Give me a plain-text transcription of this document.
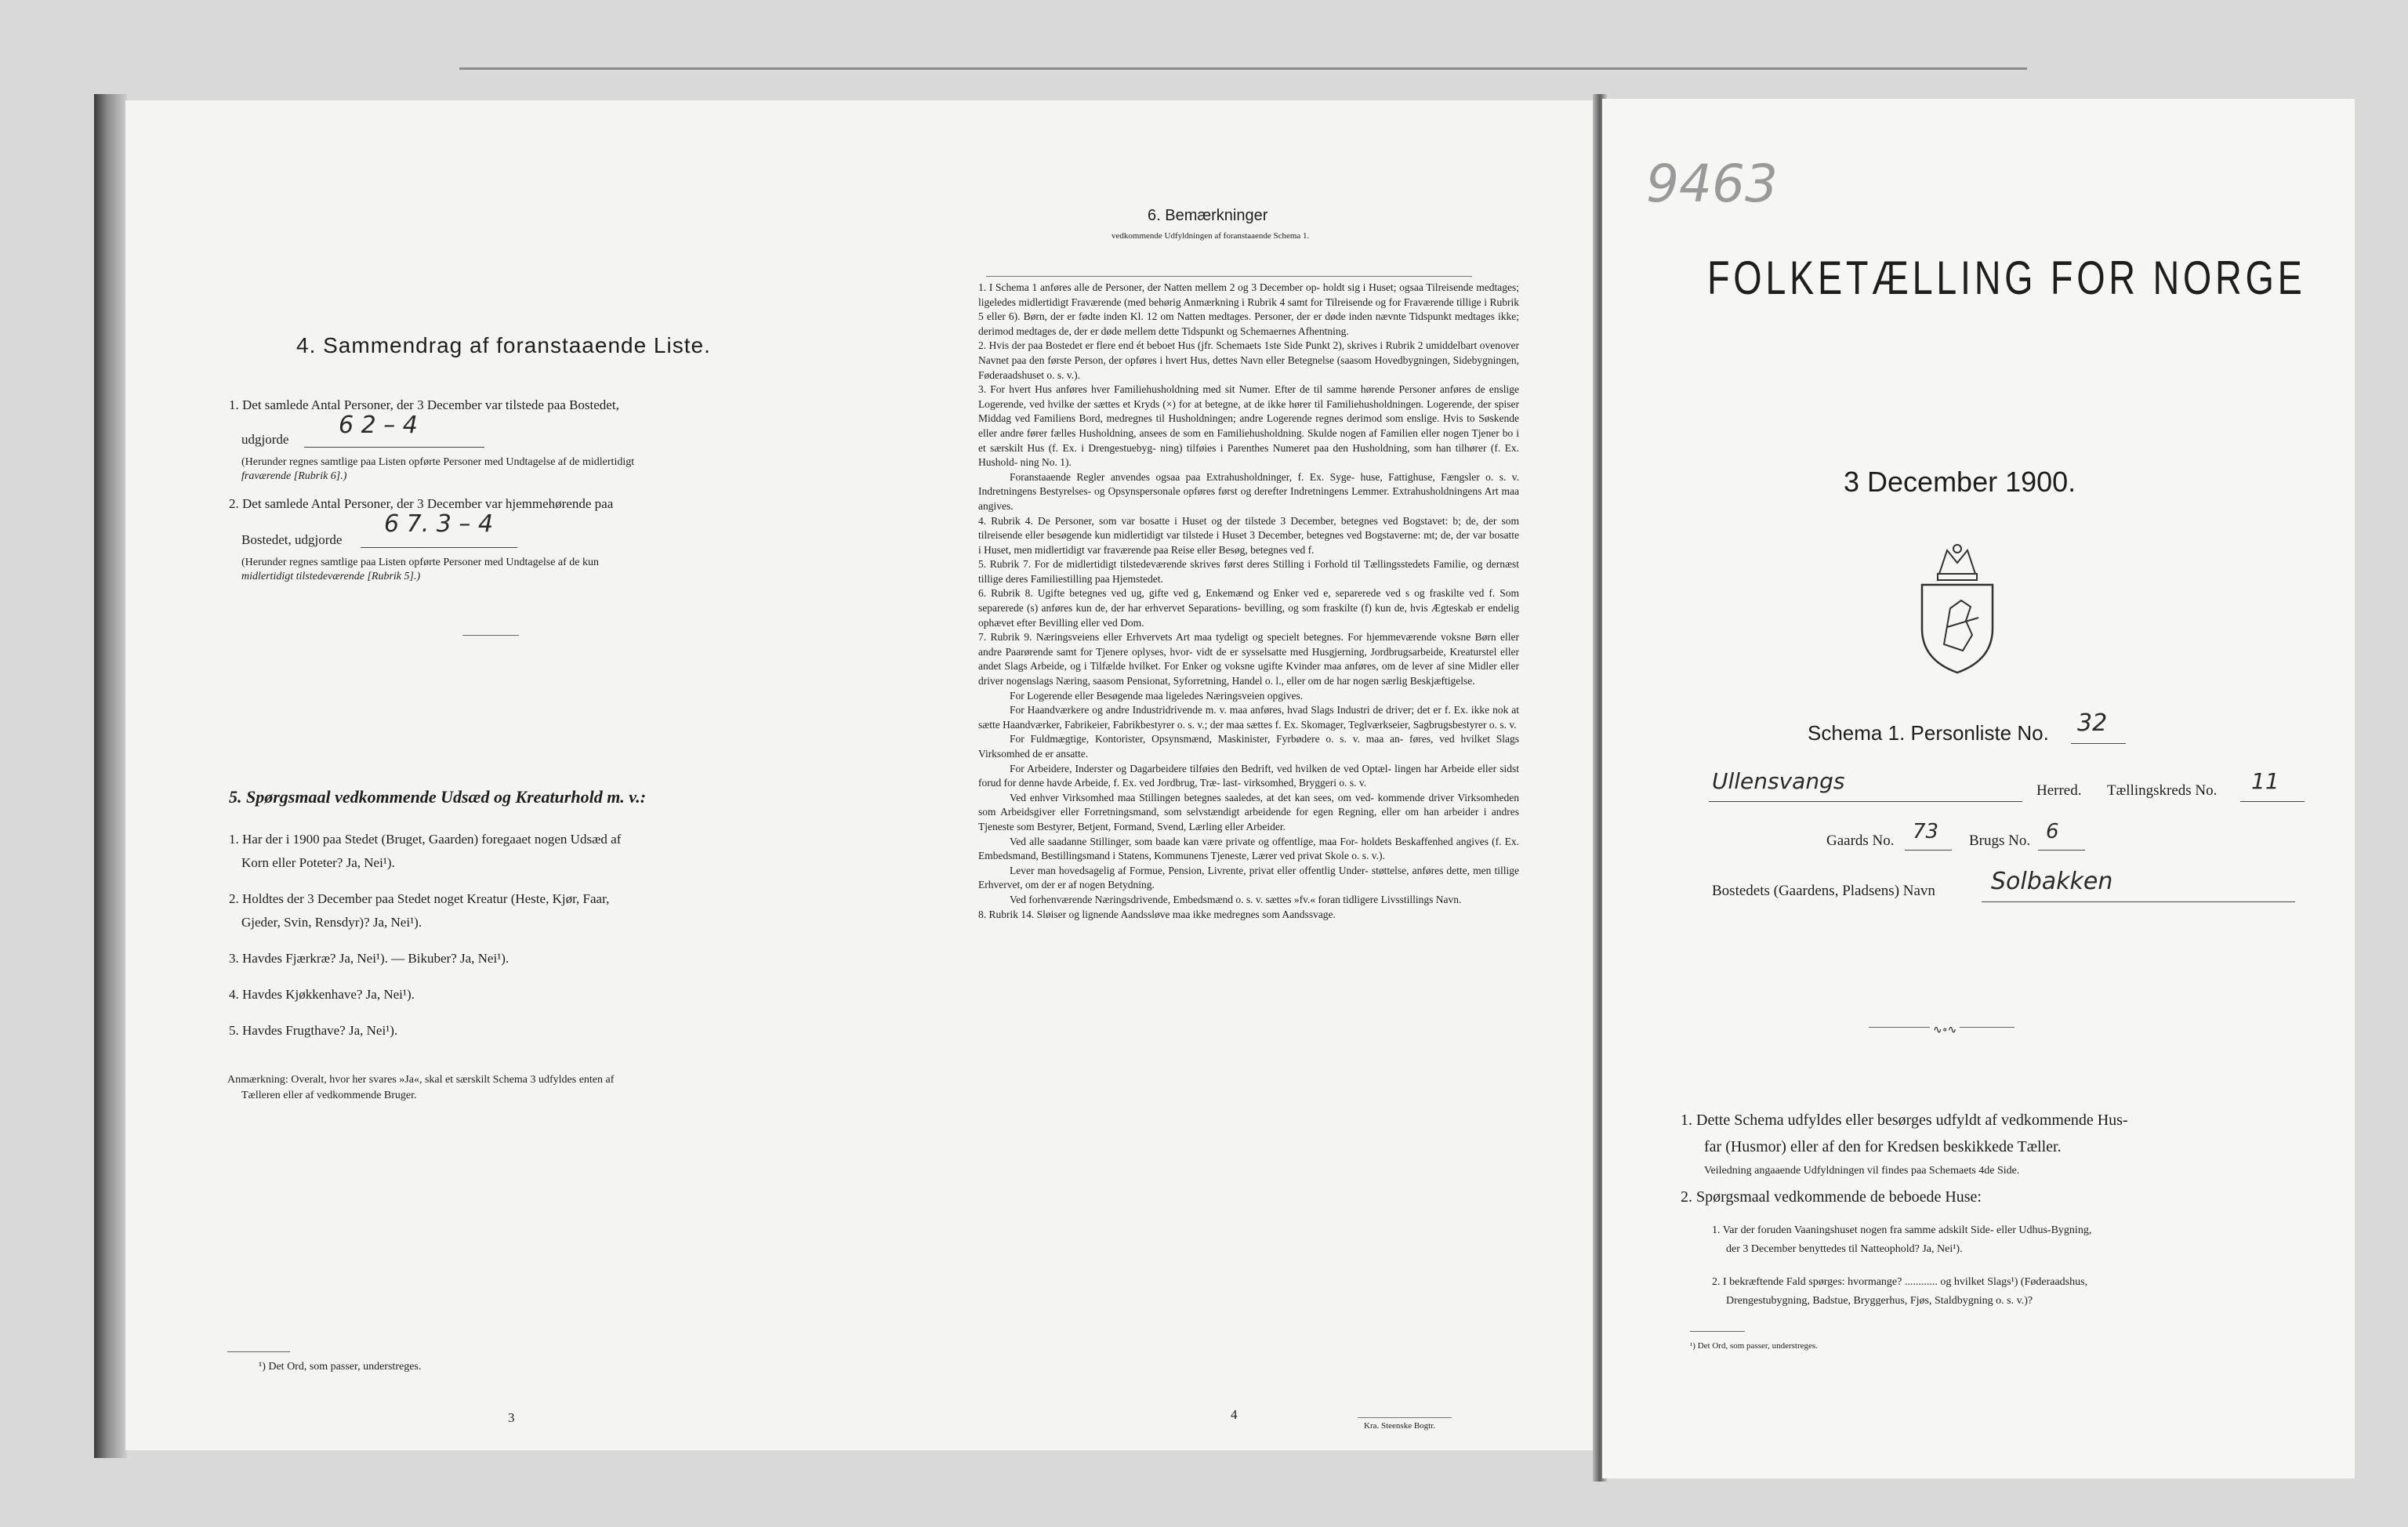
4. Sammendrag af foranstaaende Liste.
1. Det samlede Antal Personer, der 3 December var tilstede paa Bostedet,
udgjorde
6 2 – 4
(Herunder regnes samtlige paa Listen opførte Personer med Undtagelse af de midlertidigt
fraværende [Rubrik 6].)
2. Det samlede Antal Personer, der 3 December var hjemmehørende paa
Bostedet, udgjorde
6 7. 3 – 4
(Herunder regnes samtlige paa Listen opførte Personer med Undtagelse af de kun
midlertidigt tilstedeværende [Rubrik 5].)
5. Spørgsmaal vedkommende Udsæd og Kreaturhold m. v.:
1. Har der i 1900 paa Stedet (Bruget, Gaarden) foregaaet nogen Udsæd af
Korn eller Poteter? Ja, Nei¹).
2. Holdtes der 3 December paa Stedet noget Kreatur (Heste, Kjør, Faar,
Gjeder, Svin, Rensdyr)? Ja, Nei¹).
3. Havdes Fjærkræ? Ja, Nei¹). — Bikuber? Ja, Nei¹).
4. Havdes Kjøkkenhave? Ja, Nei¹).
5. Havdes Frugthave? Ja, Nei¹).
Anmærkning: Overalt, hvor her svares »Ja«, skal et særskilt Schema 3 udfyldes enten af
Tælleren eller af vedkommende Bruger.
¹) Det Ord, som passer, understreges.
3
6. Bemærkninger
vedkommende Udfyldningen af foranstaaende Schema 1.
1. I Schema 1 anføres alle de Personer, der Natten mellem 2 og 3 December op- holdt sig i Huset; ogsaa Tilreisende medtages; ligeledes midlertidigt Fraværende (med behørig Anmærkning i Rubrik 4 samt for Tilreisende og for Fraværende tillige i Rubrik 5 eller 6). Børn, der er fødte inden Kl. 12 om Natten medtages. Personer, der er døde inden nævnte Tidspunkt medtages ikke; derimod medtages de, der er døde mellem dette Tidspunkt og Schemaernes Afhentning.
2. Hvis der paa Bostedet er flere end ét beboet Hus (jfr. Schemaets 1ste Side Punkt 2), skrives i Rubrik 2 umiddelbart ovenover Navnet paa den første Person, der opføres i hvert Hus, dettes Navn eller Betegnelse (saasom Hovedbygningen, Sidebygningen, Føderaadshuset o. s. v.).
3. For hvert Hus anføres hver Familiehusholdning med sit Numer. Efter de til samme hørende Personer anføres de enslige Logerende, ved hvilke der sættes et Kryds (×) for at betegne, at de ikke hører til Familiehusholdningen. Logerende, der spiser Middag ved Familiens Bord, medregnes til Husholdningen; andre Logerende regnes derimod som enslige. Hvis to Søskende eller andre fører fælles Husholdning, ansees de som en Familiehusholdning. Skulde nogen af Familien eller nogen Tjener bo i et særskilt Hus (f. Ex. i Drengestuebyg- ning) tilføies i Parenthes Numeret paa den Husholdning, som han tilhører (f. Ex. Hushold- ning No. 1).
Foranstaaende Regler anvendes ogsaa paa Extrahusholdninger, f. Ex. Syge- huse, Fattighuse, Fængsler o. s. v. Indretningens Bestyrelses- og Opsynspersonale opføres først og derefter Indretningens Lemmer. Extrahusholdningens Art maa angives.
4. Rubrik 4. De Personer, som var bosatte i Huset og der tilstede 3 December, betegnes ved Bogstavet: b; de, der som tilreisende eller besøgende kun midlertidigt var tilstede i Huset 3 December, betegnes ved Bogstaverne: mt; de, der var bosatte i Huset, men midlertidigt var fraværende paa Reise eller Besøg, betegnes ved f.
5. Rubrik 7. For de midlertidigt tilstedeværende skrives først deres Stilling i Forhold til Tællingsstedets Familie, og dernæst tillige deres Familiestilling paa Hjemstedet.
6. Rubrik 8. Ugifte betegnes ved ug, gifte ved g, Enkemænd og Enker ved e, separerede ved s og fraskilte ved f. Som separerede (s) anføres kun de, der har erhvervet Separations- bevilling, og som fraskilte (f) kun de, hvis Ægteskab er endelig ophævet efter Bevilling eller ved Dom.
7. Rubrik 9. Næringsveiens eller Erhvervets Art maa tydeligt og specielt betegnes. For hjemmeværende voksne Børn eller andre Paarørende samt for Tjenere oplyses, hvor- vidt de er sysselsatte med Husgjerning, Jordbrugsarbeide, Kreaturstel eller andet Slags Arbeide, og i Tilfælde hvilket. For Enker og voksne ugifte Kvinder maa anføres, om de lever af sine Midler eller driver nogenslags Næring, saasom Pensionat, Syforretning, Handel o. l., eller om de har nogen særlig Beskjæftigelse.
For Logerende eller Besøgende maa ligeledes Næringsveien opgives.
For Haandværkere og andre Industridrivende m. v. maa anføres, hvad Slags Industri de driver; det er f. Ex. ikke nok at sætte Haandværker, Fabrikeier, Fabrikbestyrer o. s. v.; der maa sættes f. Ex. Skomager, Teglværkseier, Sagbrugsbestyrer o. s. v.
For Fuldmægtige, Kontorister, Opsynsmænd, Maskinister, Fyrbødere o. s. v. maa an- føres, ved hvilket Slags Virksomhed de er ansatte.
For Arbeidere, Inderster og Dagarbeidere tilføies den Bedrift, ved hvilken de ved Optæl- lingen har Arbeide eller sidst forud for denne havde Arbeide, f. Ex. ved Jordbrug, Træ- last- virksomhed, Bryggeri o. s. v.
Ved enhver Virksomhed maa Stillingen betegnes saaledes, at det kan sees, om ved- kommende driver Virksomheden som Arbeidsgiver eller Forretningsmand, som selvstændigt arbeidende for egen Regning, eller om han arbeider i andres Tjeneste som Bestyrer, Betjent, Formand, Svend, Lærling eller Arbeider.
Ved alle saadanne Stillinger, som baade kan være private og offentlige, maa For- holdets Beskaffenhed angives (f. Ex. Embedsmand, Bestillingsmand i Statens, Kommunens Tjeneste, Lærer ved privat Skole o. s. v.).
Lever man hovedsagelig af Formue, Pension, Livrente, privat eller offentlig Under- støttelse, anføres dette, men tillige Erhvervet, om der er af nogen Betydning.
Ved forhenværende Næringsdrivende, Embedsmænd o. s. v. sættes »fv.« foran tidligere Livsstillings Navn.
8. Rubrik 14. Sløiser og lignende Aandssløve maa ikke medregnes som Aandssvage.
4
Kra. Steenske Bogtr.
9463
FOLKETÆLLING FOR NORGE
3 December 1900.
Schema 1. Personliste No. 32
Ullensvangs	Herred. Tællingskreds No. 11
Gaards No. 73 Brugs No. 6
Bostedets (Gaardens, Pladsens) Navn Solbakken
∿∘∿
1. Dette Schema udfyldes eller besørges udfyldt af vedkommende Hus-
far (Husmor) eller af den for Kredsen beskikkede Tæller.
Veiledning angaaende Udfyldningen vil findes paa Schemaets 4de Side.
2. Spørgsmaal vedkommende de beboede Huse:
1. Var der foruden Vaaningshuset nogen fra samme adskilt Side- eller Udhus-Bygning,
der 3 December benyttedes til Natteophold? Ja, Nei¹).
2. I bekræftende Fald spørges: hvormange? ............ og hvilket Slags¹) (Føderaadshus,
Drengestubygning, Badstue, Bryggerhus, Fjøs, Staldbygning o. s. v.)?
¹) Det Ord, som passer, understreges.
